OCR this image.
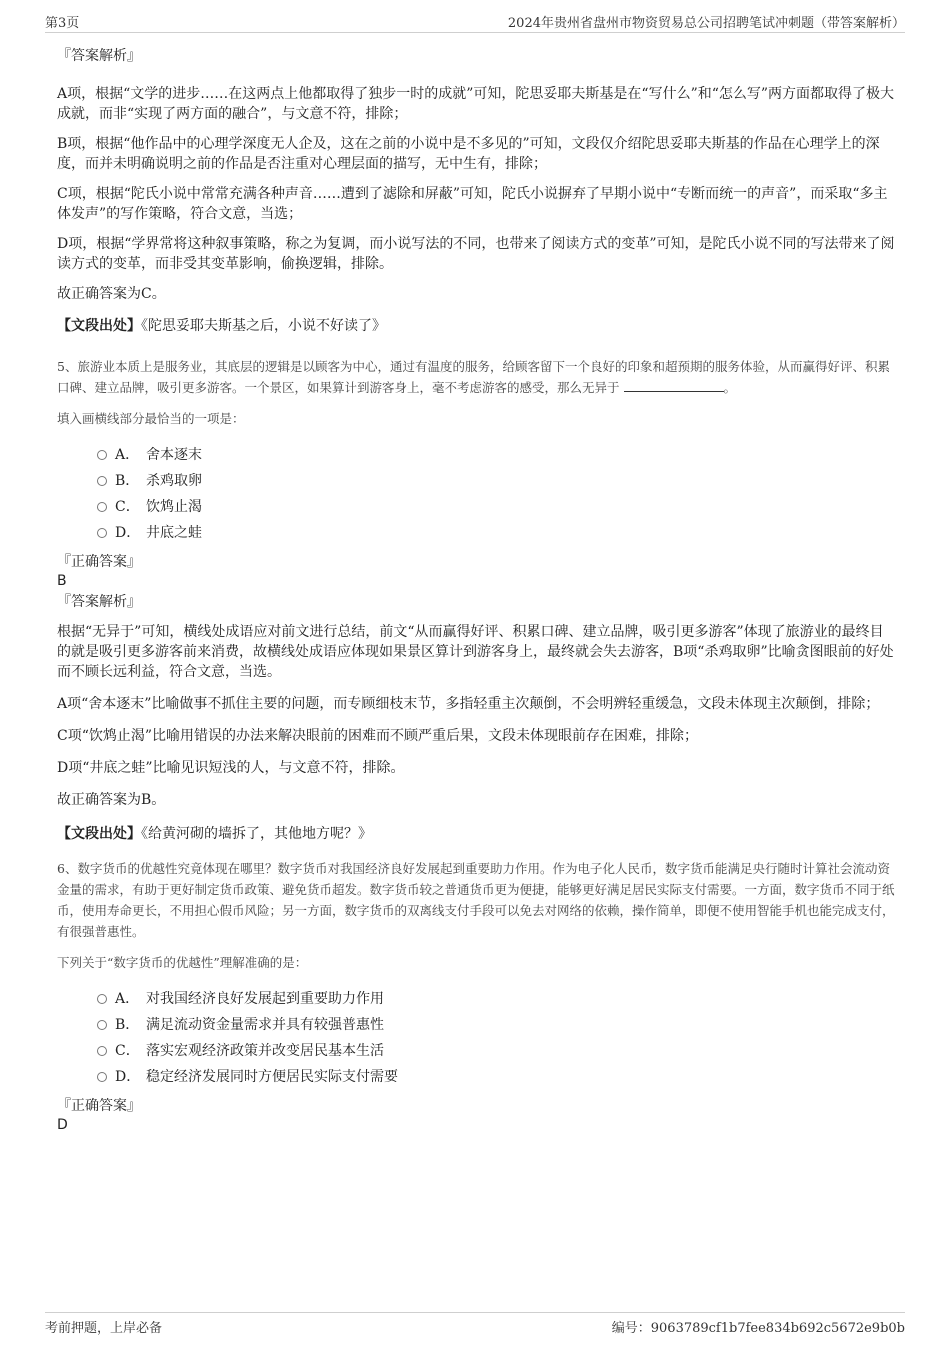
第3页	2024年贵州省盘州市物资贸易总公司招聘笔试冲刺题（带答案解析）

『答案解析』

A项，根据“文学的进步……在这两点上他都取得了独步一时的成就”可知，陀思妥耶夫斯基是在“写什么”和“怎么写”两方面都取得了极大成就，而非“实现了两方面的融合”，与文意不符，排除；

B项，根据“他作品中的心理学深度无人企及，这在之前的小说中是不多见的”可知，文段仅介绍陀思妥耶夫斯基的作品在心理学上的深度，而并未明确说明之前的作品是否注重对心理层面的描写，无中生有，排除；

C项，根据“陀氏小说中常常充满各种声音……遭到了滤除和屏蔽”可知，陀氏小说摒弃了早期小说中“专断而统一的声音”，而采取“多主体发声”的写作策略，符合文意，当选；

D项，根据“学界常将这种叙事策略，称之为复调，而小说写法的不同，也带来了阅读方式的变革”可知，是陀氏小说不同的写法带来了阅读方式的变革，而非受其变革影响，偷换逻辑，排除。

故正确答案为C。

【文段出处】《陀思妥耶夫斯基之后，小说不好读了》

5、旅游业本质上是服务业，其底层的逻辑是以顾客为中心，通过有温度的服务，给顾客留下一个良好的印象和超预期的服务体验，从而赢得好评、积累口碑、建立品牌，吸引更多游客。一个景区，如果算计到游客身上，毫不考虑游客的感受，那么无异于	。

填入画横线部分最恰当的一项是：

A． 舍本逐末
B． 杀鸡取卵
C． 饮鸩止渴
D． 井底之蛙

『正确答案』

B

『答案解析』

根据“无异于”可知，横线处成语应对前文进行总结，前文“从而赢得好评、积累口碑、建立品牌，吸引更多游客”体现了旅游业的最终目的就是吸引更多游客前来消费，故横线处成语应体现如果景区算计到游客身上，最终就会失去游客，B项“杀鸡取卵”比喻贪图眼前的好处而不顾长远利益，符合文意，当选。

A项“舍本逐末”比喻做事不抓住主要的问题，而专顾细枝末节，多指轻重主次颠倒，不会明辨轻重缓急，文段未体现主次颠倒，排除；

C项“饮鸩止渴”比喻用错误的办法来解决眼前的困难而不顾严重后果，文段未体现眼前存在困难，排除；

D项“井底之蛙”比喻见识短浅的人，与文意不符，排除。

故正确答案为B。

【文段出处】《给黄河砌的墙拆了，其他地方呢？》

6、数字货币的优越性究竟体现在哪里？数字货币对我国经济良好发展起到重要助力作用。作为电子化人民币，数字货币能满足央行随时计算社会流动资金量的需求，有助于更好制定货币政策、避免货币超发。数字货币较之普通货币更为便捷，能够更好满足居民实际支付需要。一方面，数字货币不同于纸币，使用寿命更长，不用担心假币风险；另一方面，数字货币的双离线支付手段可以免去对网络的依赖，操作简单，即便不使用智能手机也能完成支付，有很强普惠性。

下列关于“数字货币的优越性”理解准确的是：

A． 对我国经济良好发展起到重要助力作用
B． 满足流动资金量需求并具有较强普惠性
C． 落实宏观经济政策并改变居民基本生活
D． 稳定经济发展同时方便居民实际支付需要

『正确答案』

D

考前押题，上岸必备	编号：9063789cf1b7fee834b692c5672e9b0b
